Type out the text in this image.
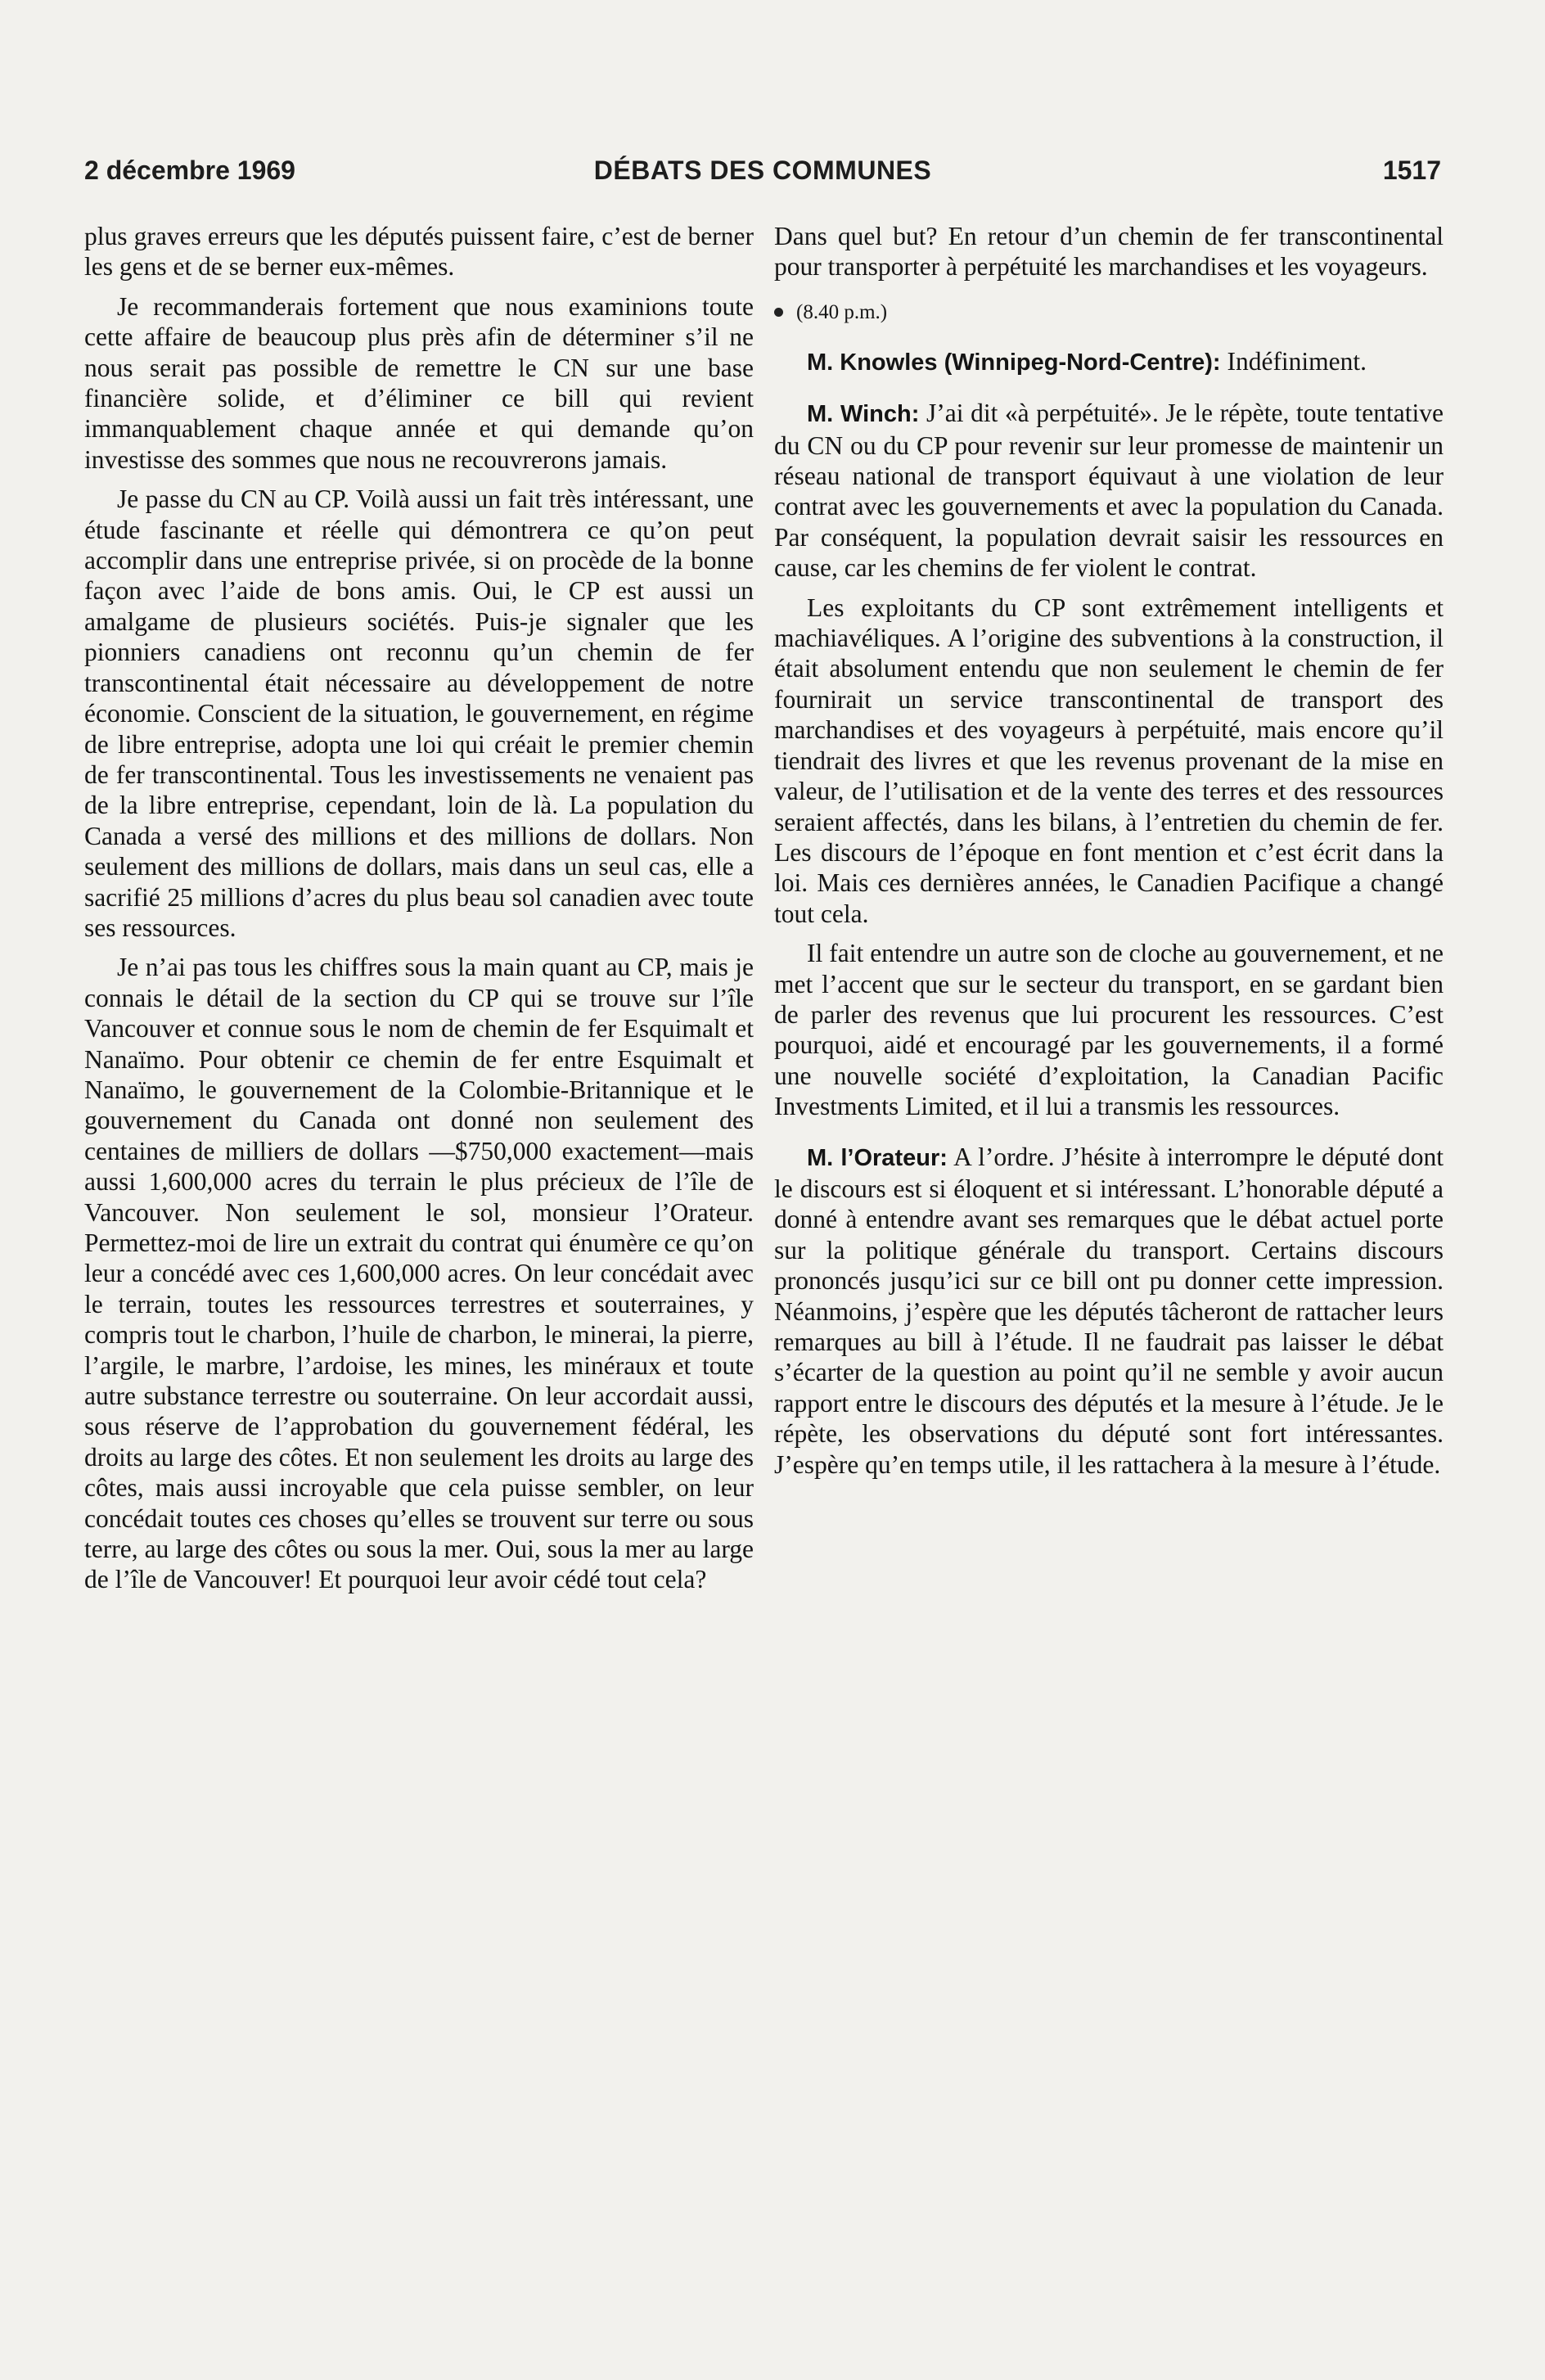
2 décembre 1969	DÉBATS DES COMMUNES	1517

plus graves erreurs que les députés puissent faire, c’est de berner les gens et de se berner eux-mêmes.

Je recommanderais fortement que nous examinions toute cette affaire de beaucoup plus près afin de déterminer s’il ne nous serait pas possible de remettre le CN sur une base financière solide, et d’éliminer ce bill qui revient immanquablement chaque année et qui demande qu’on investisse des sommes que nous ne recouvrerons jamais.

Je passe du CN au CP. Voilà aussi un fait très intéressant, une étude fascinante et réelle qui démontrera ce qu’on peut accomplir dans une entreprise privée, si on procède de la bonne façon avec l’aide de bons amis. Oui, le CP est aussi un amalgame de plusieurs sociétés. Puis-je signaler que les pionniers canadiens ont reconnu qu’un chemin de fer transcontinental était nécessaire au développement de notre économie. Conscient de la situation, le gouvernement, en régime de libre entreprise, adopta une loi qui créait le premier chemin de fer transcontinental. Tous les investissements ne venaient pas de la libre entreprise, cependant, loin de là. La population du Canada a versé des millions et des millions de dollars. Non seulement des millions de dollars, mais dans un seul cas, elle a sacrifié 25 millions d’acres du plus beau sol canadien avec toute ses ressources.

Je n’ai pas tous les chiffres sous la main quant au CP, mais je connais le détail de la section du CP qui se trouve sur l’île Vancouver et connue sous le nom de chemin de fer Esquimalt et Nanaïmo. Pour obtenir ce chemin de fer entre Esquimalt et Nanaïmo, le gouvernement de la Colombie-Britannique et le gouvernement du Canada ont donné non seulement des centaines de milliers de dollars —$750,000 exactement—mais aussi 1,600,000 acres du terrain le plus précieux de l’île de Vancouver. Non seulement le sol, monsieur l’Orateur. Permettez-moi de lire un extrait du contrat qui énumère ce qu’on leur a concédé avec ces 1,600,000 acres. On leur concédait avec le terrain, toutes les ressources terrestres et souterraines, y compris tout le charbon, l’huile de charbon, le minerai, la pierre, l’argile, le marbre, l’ardoise, les mines, les minéraux et toute autre substance terrestre ou souterraine. On leur accordait aussi, sous réserve de l’approbation du gouvernement fédéral, les droits au large des côtes. Et non seulement les droits au large des côtes, mais aussi incroyable que cela puisse sembler, on leur concédait toutes ces choses qu’elles se trouvent sur terre ou sous terre, au large des côtes ou sous la mer. Oui, sous la mer au large de l’île de Vancouver! Et pourquoi leur avoir cédé tout cela?

Dans quel but? En retour d’un chemin de fer transcontinental pour transporter à perpétuité les marchandises et les voyageurs.

(8.40 p.m.)

M. Knowles (Winnipeg-Nord-Centre): Indéfiniment.

M. Winch: J’ai dit «à perpétuité». Je le répète, toute tentative du CN ou du CP pour revenir sur leur promesse de maintenir un réseau national de transport équivaut à une violation de leur contrat avec les gouvernements et avec la population du Canada. Par conséquent, la population devrait saisir les ressources en cause, car les chemins de fer violent le contrat.

Les exploitants du CP sont extrêmement intelligents et machiavéliques. A l’origine des subventions à la construction, il était absolument entendu que non seulement le chemin de fer fournirait un service transcontinental de transport des marchandises et des voyageurs à perpétuité, mais encore qu’il tiendrait des livres et que les revenus provenant de la mise en valeur, de l’utilisation et de la vente des terres et des ressources seraient affectés, dans les bilans, à l’entretien du chemin de fer. Les discours de l’époque en font mention et c’est écrit dans la loi. Mais ces dernières années, le Canadien Pacifique a changé tout cela.

Il fait entendre un autre son de cloche au gouvernement, et ne met l’accent que sur le secteur du transport, en se gardant bien de parler des revenus que lui procurent les ressources. C’est pourquoi, aidé et encouragé par les gouvernements, il a formé une nouvelle société d’exploitation, la Canadian Pacific Investments Limited, et il lui a transmis les ressources.

M. l’Orateur: A l’ordre. J’hésite à interrompre le député dont le discours est si éloquent et si intéressant. L’honorable député a donné à entendre avant ses remarques que le débat actuel porte sur la politique générale du transport. Certains discours prononcés jusqu’ici sur ce bill ont pu donner cette impression. Néanmoins, j’espère que les députés tâcheront de rattacher leurs remarques au bill à l’étude. Il ne faudrait pas laisser le débat s’écarter de la question au point qu’il ne semble y avoir aucun rapport entre le discours des députés et la mesure à l’étude. Je le répète, les observations du député sont fort intéressantes. J’espère qu’en temps utile, il les rattachera à la mesure à l’étude.
